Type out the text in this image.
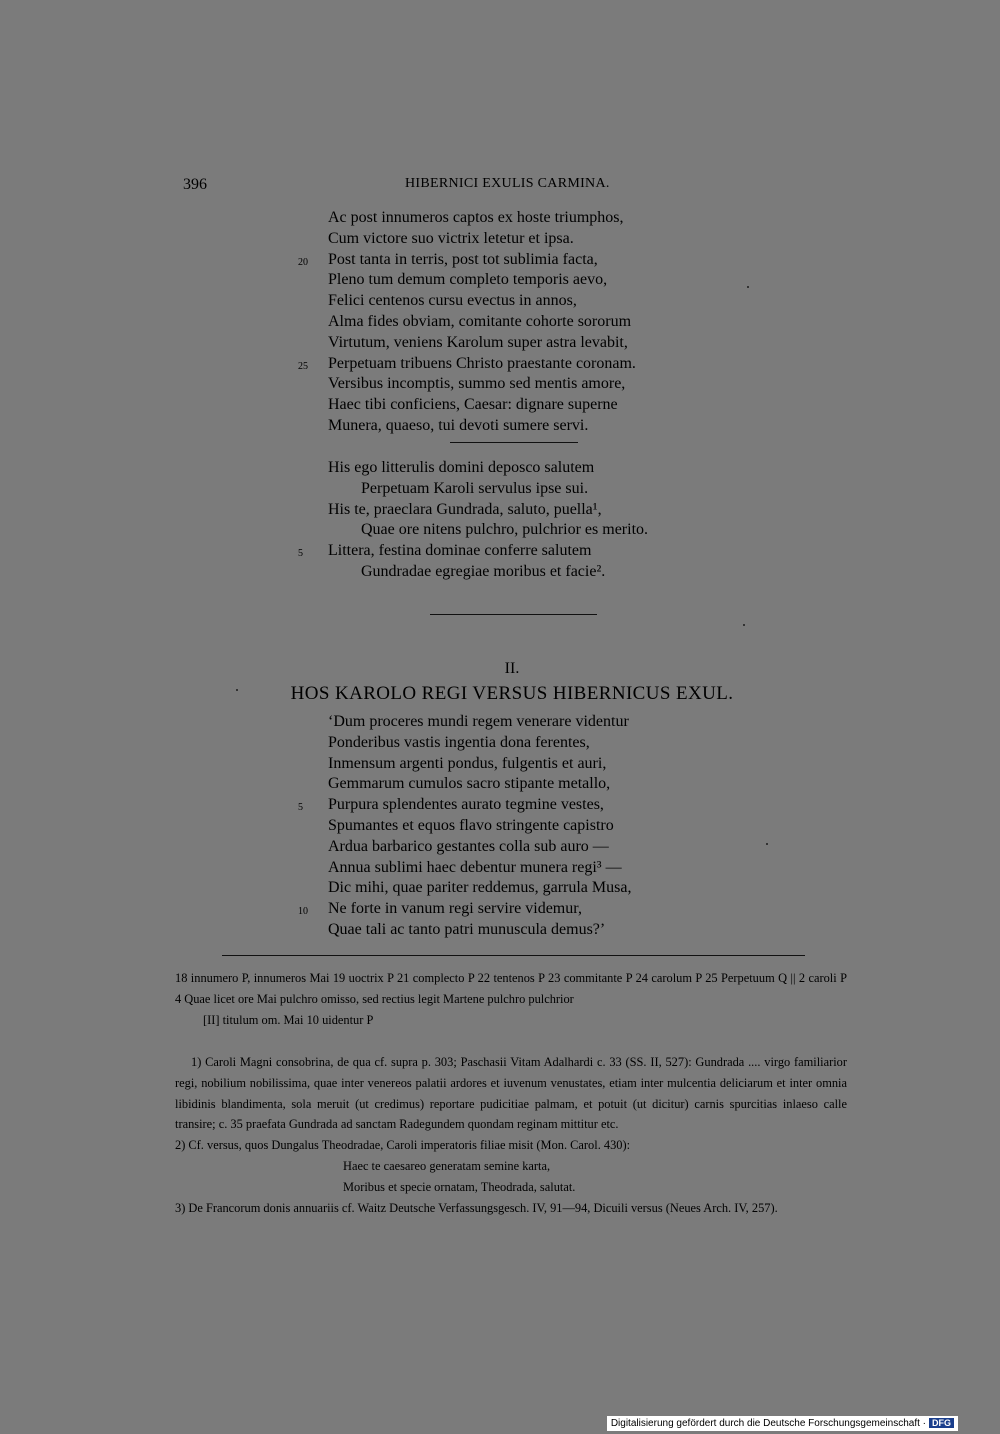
396	HIBERNICI EXULIS CARMINA.
Ac post innumeros captos ex hoste triumphos,
Cum victore suo victrix letetur et ipsa.
20 Post tanta in terris, post tot sublimia facta,
Pleno tum demum completo temporis aevo,
Felici centenos cursu evectus in annos,
Alma fides obviam, comitante cohorte sororum
Virtutum, veniens Karolum super astra levabit,
25 Perpetuam tribuens Christo praestante coronam.
Versibus incomptis, summo sed mentis amore,
Haec tibi conficiens, Caesar: dignare superne
Munera, quaeso, tui devoti sumere servi.
His ego litterulis domini deposco salutem
Perpetuam Karoli servulus ipse sui.
His te, praeclara Gundrada, saluto, puella¹,
Quae ore nitens pulchro, pulchrior es merito.
5 Littera, festina dominae conferre salutem
Gundradae egregiae moribus et facie².
II.
HOS KAROLO REGI VERSUS HIBERNICUS EXUL.
‘Dum proceres mundi regem venerare videntur
Ponderibus vastis ingentia dona ferentes,
Inmensum argenti pondus, fulgentis et auri,
Gemmarum cumulos sacro stipante metallo,
5 Purpura splendentes aurato tegmine vestes,
Spumantes et equos flavo stringente capistro
Ardua barbarico gestantes colla sub auro —
Annua sublimi haec debentur munera regi³ —
Dic mihi, quae pariter reddemus, garrula Musa,
10 Ne forte in vanum regi servire videmur,
Quae tali ac tanto patri munuscula demus?’

18 innumero P, innumeros Mai 19 uoctrix P 21 complecto P 22 tentenos P 23 commitante P 24 carolum P 25 Perpetuum Q || 2 caroli P 4 Quae licet ore Mai pulchro omisso, sed rectius legit Martene pulchro pulchrior

[II] titulum om. Mai 10 uidentur P

1) Caroli Magni consobrina, de qua cf. supra p. 303; Paschasii Vitam Adalhardi c. 33 (SS. II, 527): Gundrada .... virgo familiarior regi, nobilium nobilissima, quae inter venereos palatii ardores et iuvenum venustates, etiam inter mulcentia deliciarum et inter omnia libidinis blandimenta, sola meruit (ut credimus) reportare pudicitiae palmam, et potuit (ut dicitur) carnis spurcitias inlaeso calle transire; c. 35 praefata Gundrada ad sanctam Radegundem quondam reginam mittitur etc.

2) Cf. versus, quos Dungalus Theodradae, Caroli imperatoris filiae misit (Mon. Carol. 430):

Haec te caesareo generatam semine karta,

Moribus et specie ornatam, Theodrada, salutat.

3) De Francorum donis annuariis cf. Waitz Deutsche Verfassungsgesch. IV, 91—94, Dicuili versus (Neues Arch. IV, 257).

Digitalisierung gefördert durch die Deutsche Forschungsgemeinschaft · DFG
